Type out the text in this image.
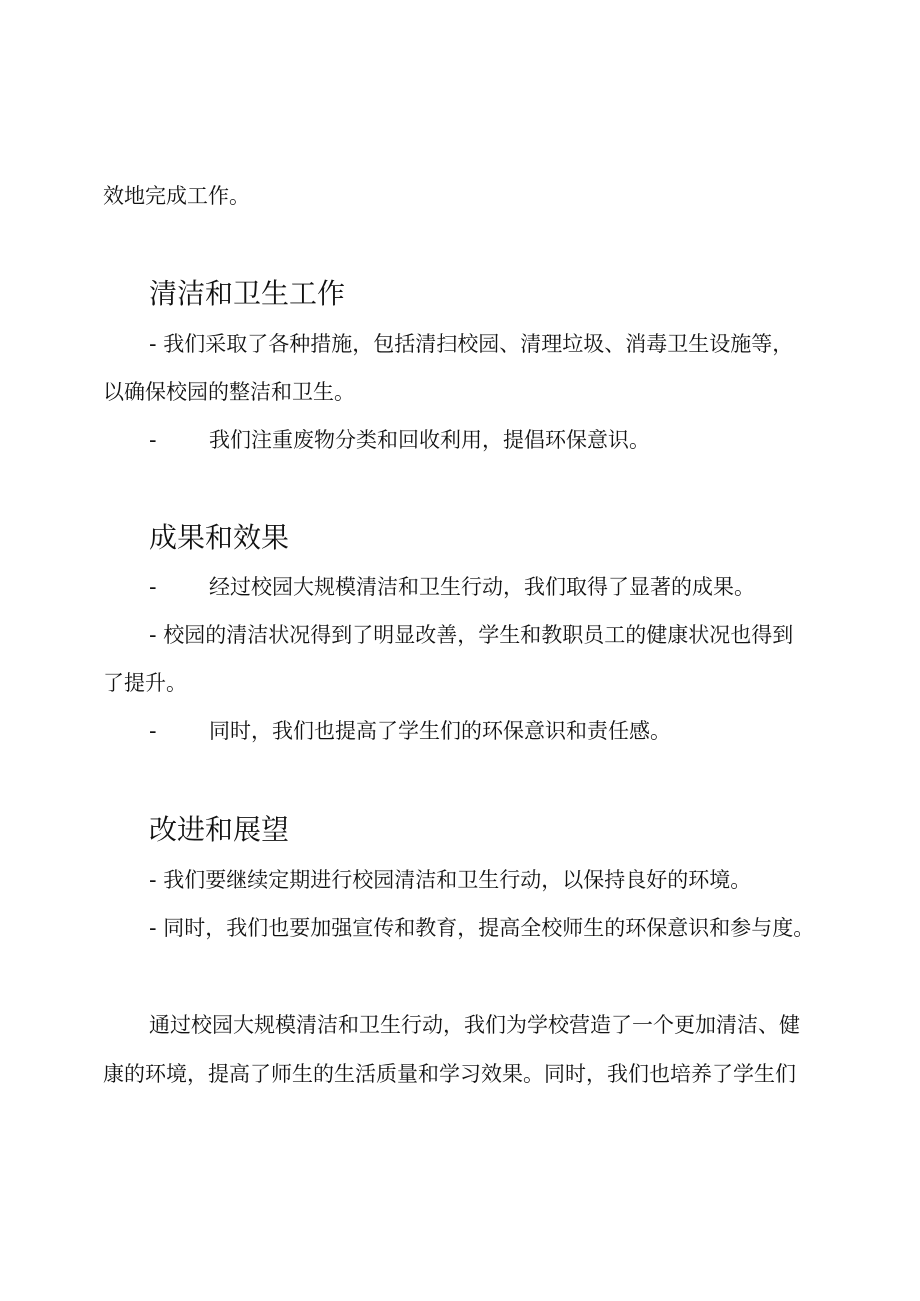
效地完成工作。
清洁和卫生工作
- 我们采取了各种措施，包括清扫校园、清理垃圾、消毒卫生设施等，
以确保校园的整洁和卫生。
- 我们注重废物分类和回收利用，提倡环保意识。
成果和效果
- 经过校园大规模清洁和卫生行动，我们取得了显著的成果。
- 校园的清洁状况得到了明显改善，学生和教职员工的健康状况也得到
了提升。
- 同时，我们也提高了学生们的环保意识和责任感。
改进和展望
- 我们要继续定期进行校园清洁和卫生行动，以保持良好的环境。
- 同时，我们也要加强宣传和教育，提高全校师生的环保意识和参与度。
通过校园大规模清洁和卫生行动，我们为学校营造了一个更加清洁、健
康的环境，提高了师生的生活质量和学习效果。同时，我们也培养了学生们
